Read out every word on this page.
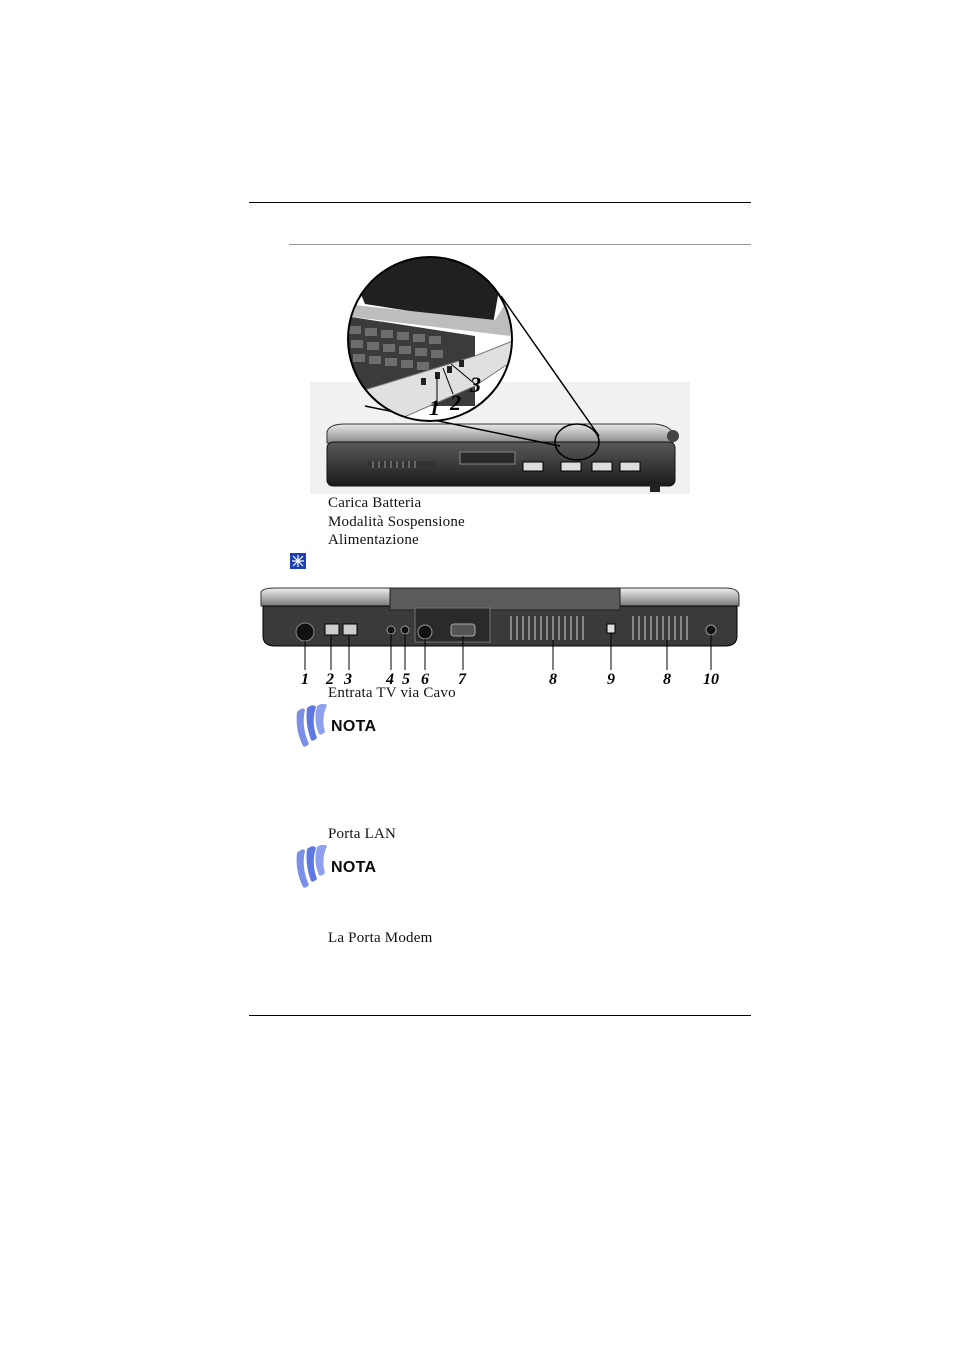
1 2
3
Carica Batteria
Modalità Sospensione
Alimentazione
1 2 3 4 5 6 7	8	9	8 10
Entrata TV via Cavo
NOTA
Porta LAN
NOTA
La Porta Modem
